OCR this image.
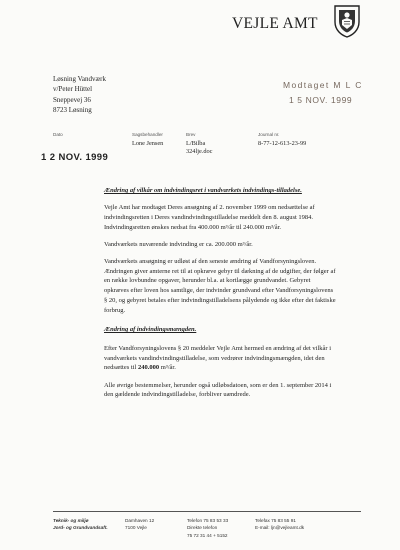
VEJLE AMT
Løsning Vandværk
v/Peter Hüttel
Sneppevej 36
8723 Løsning
Modtaget M L C
1 5 NOV. 1999
Dato	Sagsbehandler
Lone Jensen
Brev
L/Bilba
324lje.doc
Journal nr.
8-77-12-613-23-99
1 2 NOV. 1999

Ændring af vilkår om indvindingsret i vandværkets indvindings-tilladelse.

Vejle Amt har modtaget Deres ansøgning af 2. november 1999 om nedsættelse af indvindingsretten i Deres vandindvindingstilladelse meddelt den 8. august 1984. Indvindingsretten ønskes nedsat fra 400.000 m³/år til 240.000 m³/år.

Vandværkets nuværende indvinding er ca. 200.000 m³/år.

Vandværkets ansøgning er udløst af den seneste ændring af Vandforsyningsloven. Ændringen giver amterne ret til at opkræve gebyr til dækning af de udgifter, der følger af en række lovbundne opgaver, herunder bl.a. at kortlægge grundvandet. Gebyret opkræves efter loven hos samtlige, der indvinder grundvand efter Vandforsyningslovens § 20, og gebyret betales efter indvindingstilladelsens pålydende og ikke efter det faktiske forbrug.

Ændring af indvindingsmængden.

Efter Vandforsyningslovens § 20 meddeler Vejle Amt hermed en ændring af det vilkår i vandværkets vandindvindingstilladelse, som vedrører indvindingsmængden, idet den nedsættes til 240.000 m³/år.

Alle øvrige bestemmelser, herunder også udløbsdatoen, som er den 1. september 2014 i den gældende indvindingstilladelse, forbliver uændrede.

Teknik- og miljø
Jord- og Grundvandsaft.
Damhaven 12
7100 Vejle
Telefon 75 83 53 33
Direkte telefon
75 72 31 44 + 5152
Telefax 75 83 55 91
E-mail: ljn@vejleamt.dk
